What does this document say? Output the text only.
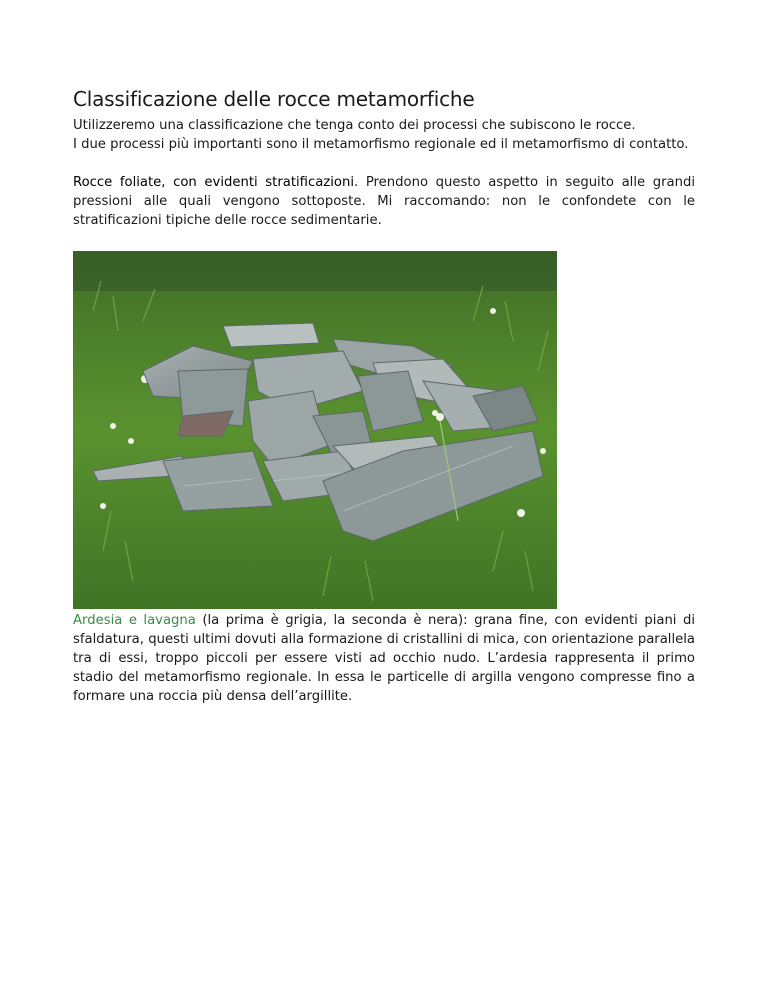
Classificazione delle rocce metamorfiche

Utilizzeremo una classificazione che tenga conto dei processi che subiscono le rocce.

I due processi più importanti sono il metamorfismo regionale ed il metamorfismo di contatto.

Rocce foliate, con evidenti stratificazioni. Prendono questo aspetto in seguito alle grandi pressioni alle quali vengono sottoposte. Mi raccomando: non le confondete con le stratificazioni tipiche delle rocce sedimentarie.

Ardesia e lavagna (la prima è grigia, la seconda è nera): grana fine, con evidenti piani di sfaldatura, questi ultimi dovuti alla formazione di cristallini di mica, con orientazione parallela tra di essi, troppo piccoli per essere visti ad occhio nudo. L’ardesia rappresenta il primo stadio del metamorfismo regionale. In essa le particelle di argilla vengono compresse fino a formare una roccia più densa dell’argillite.
